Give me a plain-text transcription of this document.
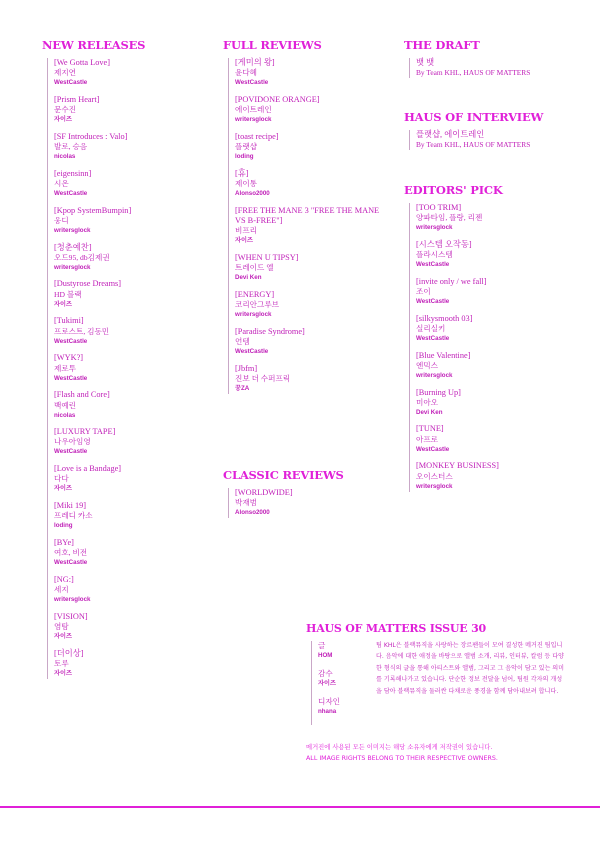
NEW RELEASES
[We Gotta Love]
제지연
WestCastle
[Prism Heart]
문수진
자이즈
[SF Introduces : Valo]
발로, 승음
nicolas
[eigensinn]
시온
WestCastle
[Kpop SystemBumpin]
웅디
writersglock
[청춘예찬]
오드95, db김제권
writersglock
[Dustyrose Dreams]
HD 블랙
자이즈
[Tukimi]
프로스트, 김동민
WestCastle
[WYK?]
제로투
WestCastle
[Flash and Core]
백예린
nicolas
[LUXURY TAPE]
나우아임영
WestCastle
[Love is a Bandage]
다다
자이즈
[Miki 19]
프레디 카소
loding
[BYe]
여호, 비전
WestCastle
[NG:]
세지
writersglock
[VISION]
염탐
자이즈
[더이상]
토루
자이즈
FULL REVIEWS
[게미의 왕]
윤다혜
WestCastle
[POVIDONE ORANGE]
에이트레인
writersglock
[toast recipe]
플랫샵
loding
[휴]
제이통
Alonso2000
[FREE THE MANE 3 "FREE THE MANE VS B-FREE"]
비프리
자이즈
[WHEN U TIPSY]
트레이드 엘
Devi Ken
[ENERGY]
코리안그루브
writersglock
[Paradise Syndrome]
언템
WestCastle
[Jbfm]
진보 더 수퍼프릭
꿍ZA
CLASSIC REVIEWS
[WORLDWIDE]
박재범
Alonso2000
THE DRAFT
뱃 뱃
By Team KHL, HAUS OF MATTERS
HAUS OF INTERVIEW
플랫샵, 에이트레인
By Team KHL, HAUS OF MATTERS
EDITORS' PICK
[TOO TRIM]
양파타임, 플랑, 리젠
writersglock
[시스템 오작동]
플라시스템
WestCastle
[invite only / we fall]
조이
WestCastle
[silkysmooth 03]
실리실키
WestCastle
[Blue Valentine]
엔믹스
writersglock
[Burning Up]
미아오
Devi Ken
[TUNE]
아프로
WestCastle
[MONKEY BUSINESS]
오이스터스
writersglock
HAUS OF MATTERS ISSUE 30
글
HOM
감수
자이즈
디자인
nhana
팀 KHL은 블랙뮤직을 사랑하는 장르팬들이 모여 결성한 메거진 팀입니다. 음악에 대한 애정을 바탕으로 앨범 소개, 리뷰, 인터뷰, 칼럼 등 다양한 형식의 글을 통해 아티스트와 앨범, 그리고 그 음악이 담고 있는 의미를 기록해나가고 있습니다. 단순한 정보 전달을 넘어, 팀원 각자의 개성을 담아 블랙뮤직을 둘러싼 다채로운 풍경을 함께 담아내보려 합니다.
메거진에 사용된 모든 이미지는 해당 소유자에게 저작권이 있습니다.
ALL IMAGE RIGHTS BELONG TO THEIR RESPECTIVE OWNERS.
